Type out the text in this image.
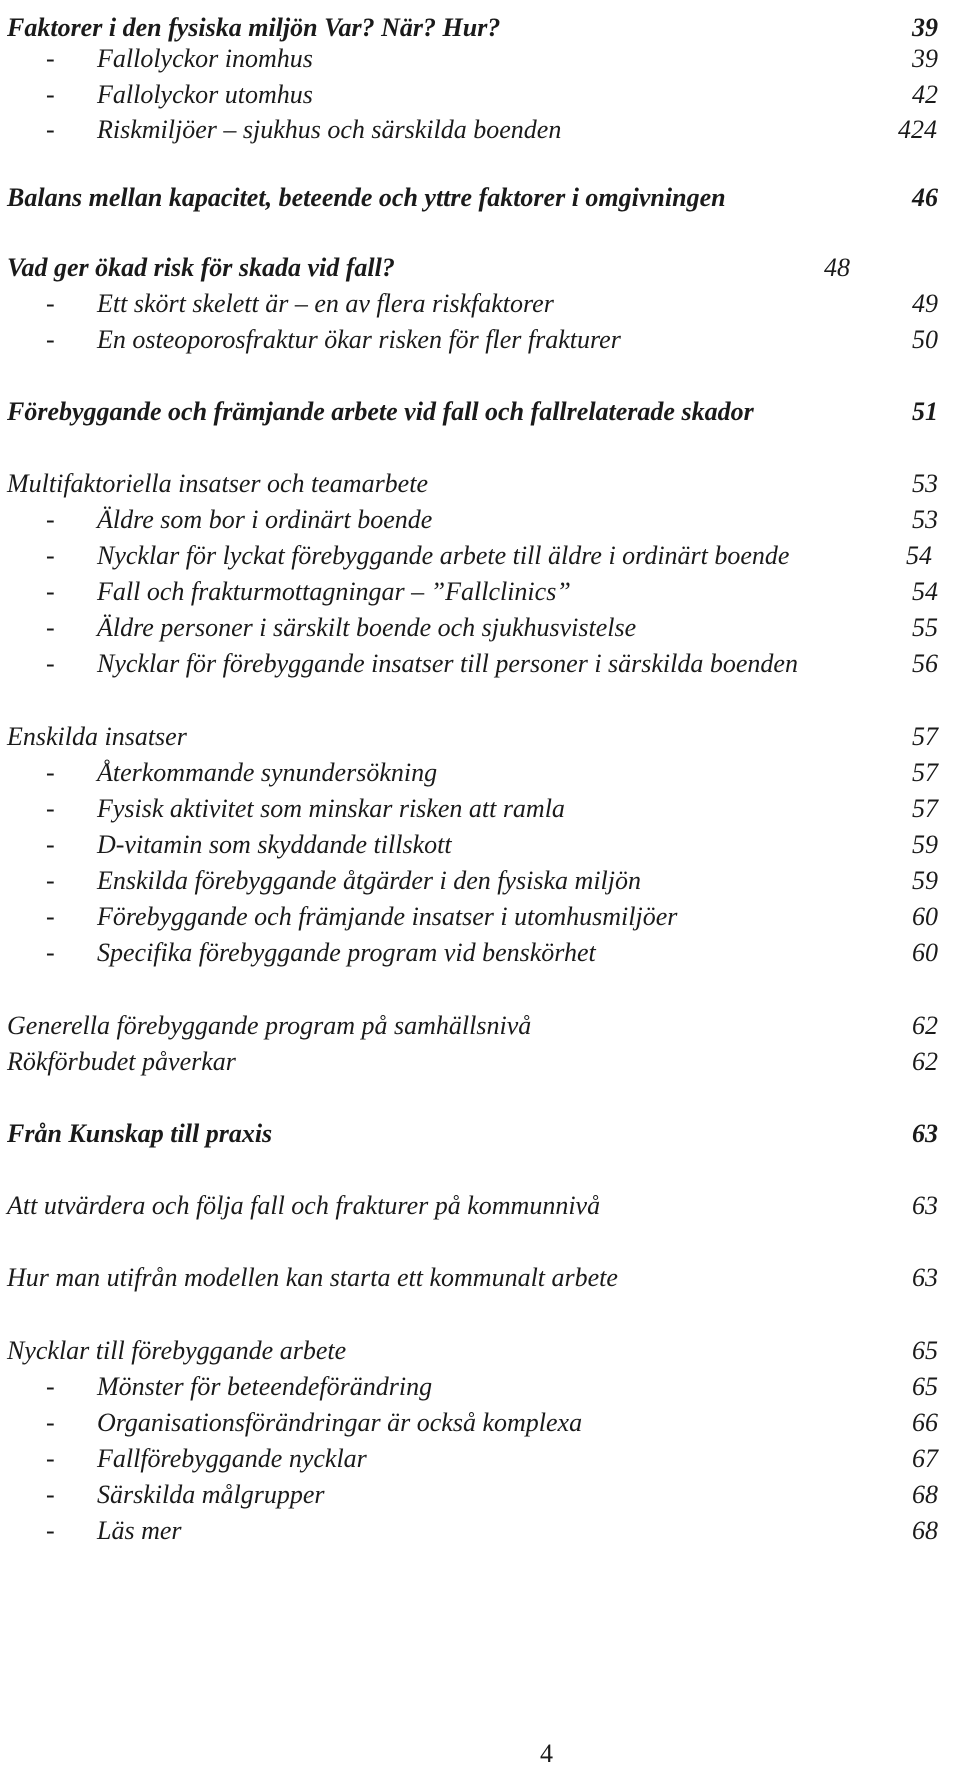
Faktorer i den fysiska miljön Var? När? Hur?	39
- Fallolyckor inomhus	39
- Fallolyckor utomhus	42
- Riskmiljöer – sjukhus och särskilda boenden	424
Balans mellan kapacitet, beteende och yttre faktorer i omgivningen	46
Vad ger ökad risk för skada vid fall?	48
- Ett skört skelett är – en av flera riskfaktorer	49
- En osteoporosfraktur ökar risken för fler frakturer	50
Förebyggande och främjande arbete vid fall och fallrelaterade skador	51
Multifaktoriella insatser och teamarbete	53
- Äldre som bor i ordinärt boende	53
- Nycklar för lyckat förebyggande arbete till äldre i ordinärt boende	54
- Fall och frakturmottagningar – ”Fallclinics”	54
- Äldre personer i särskilt boende och sjukhusvistelse	55
- Nycklar för förebyggande insatser till personer i särskilda boenden	56
Enskilda insatser	57
- Återkommande synundersökning	57
- Fysisk aktivitet som minskar risken att ramla	57
- D-vitamin som skyddande tillskott	59
- Enskilda förebyggande åtgärder i den fysiska miljön	59
- Förebyggande och främjande insatser i utomhusmiljöer	60
- Specifika förebyggande program vid benskörhet	60
Generella förebyggande program på samhällsnivå	62
Rökförbudet påverkar	62
Från Kunskap till praxis	63
Att utvärdera och följa fall och frakturer på kommunnivå	63
Hur man utifrån modellen kan starta ett kommunalt arbete	63
Nycklar till förebyggande arbete	65
- Mönster för beteendeförändring	65
- Organisationsförändringar är också komplexa	66
- Fallförebyggande nycklar	67
- Särskilda målgrupper	68
- Läs mer	68
4
